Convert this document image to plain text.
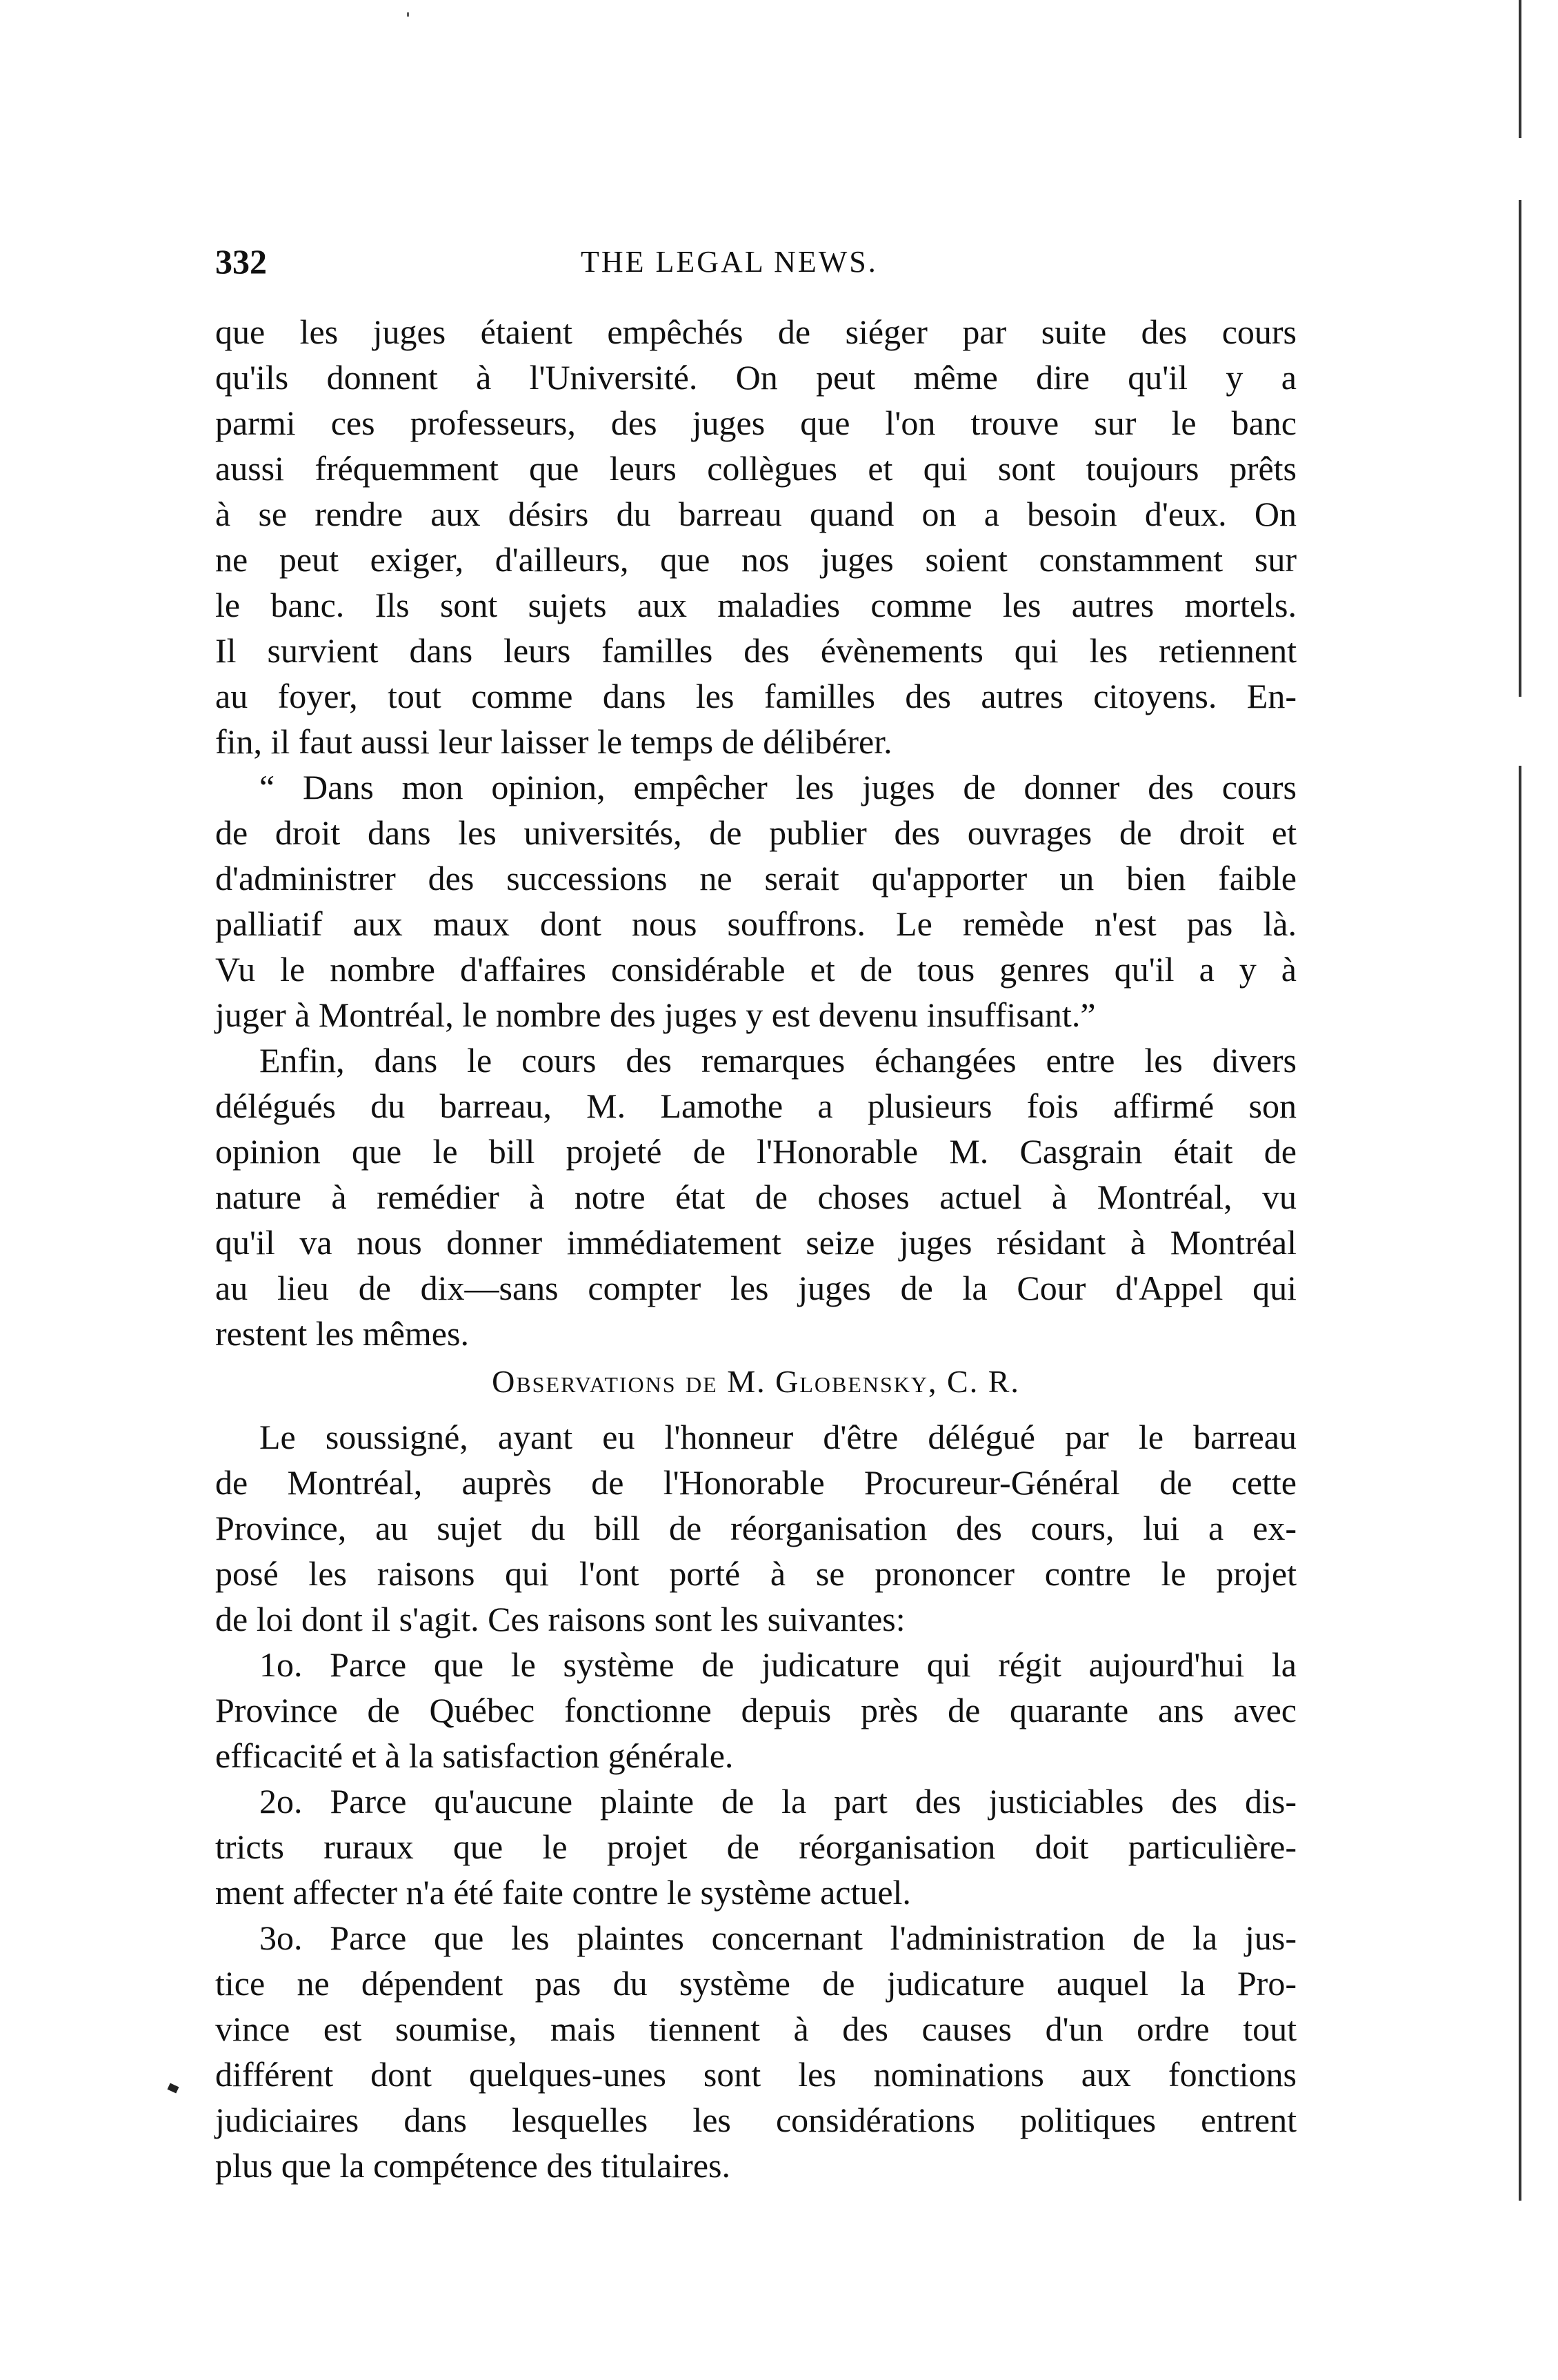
332	THE LEGAL NEWS.
que les juges étaient empêchés de siéger par suite des cours
qu'ils donnent à l'Université. On peut même dire qu'il y a
parmi ces professeurs, des juges que l'on trouve sur le banc
aussi fréquemment que leurs collègues et qui sont toujours prêts
à se rendre aux désirs du barreau quand on a besoin d'eux. On
ne peut exiger, d'ailleurs, que nos juges soient constamment sur
le banc. Ils sont sujets aux maladies comme les autres mortels.
Il survient dans leurs familles des évènements qui les retiennent
au foyer, tout comme dans les familles des autres citoyens. En-
fin, il faut aussi leur laisser le temps de délibérer.
“ Dans mon opinion, empêcher les juges de donner des cours
de droit dans les universités, de publier des ouvrages de droit et
d'administrer des successions ne serait qu'apporter un bien faible
palliatif aux maux dont nous souffrons. Le remède n'est pas là.
Vu le nombre d'affaires considérable et de tous genres qu'il a y à
juger à Montréal, le nombre des juges y est devenu insuffisant.”
Enfin, dans le cours des remarques échangées entre les divers
délégués du barreau, M. Lamothe a plusieurs fois affirmé son
opinion que le bill projeté de l'Honorable M. Casgrain était de
nature à remédier à notre état de choses actuel à Montréal, vu
qu'il va nous donner immédiatement seize juges résidant à Montréal
au lieu de dix—sans compter les juges de la Cour d'Appel qui
restent les mêmes.
Observations de M. Globensky, C. R.
Le soussigné, ayant eu l'honneur d'être délégué par le barreau
de Montréal, auprès de l'Honorable Procureur-Général de cette
Province, au sujet du bill de réorganisation des cours, lui a ex-
posé les raisons qui l'ont porté à se prononcer contre le projet
de loi dont il s'agit. Ces raisons sont les suivantes:
1o. Parce que le système de judicature qui régit aujourd'hui la
Province de Québec fonctionne depuis près de quarante ans avec
efficacité et à la satisfaction générale.
2o. Parce qu'aucune plainte de la part des justiciables des dis-
tricts ruraux que le projet de réorganisation doit particulière-
ment affecter n'a été faite contre le système actuel.
3o. Parce que les plaintes concernant l'administration de la jus-
tice ne dépendent pas du système de judicature auquel la Pro-
vince est soumise, mais tiennent à des causes d'un ordre tout
différent dont quelques-unes sont les nominations aux fonctions
judiciaires dans lesquelles les considérations politiques entrent
plus que la compétence des titulaires.
